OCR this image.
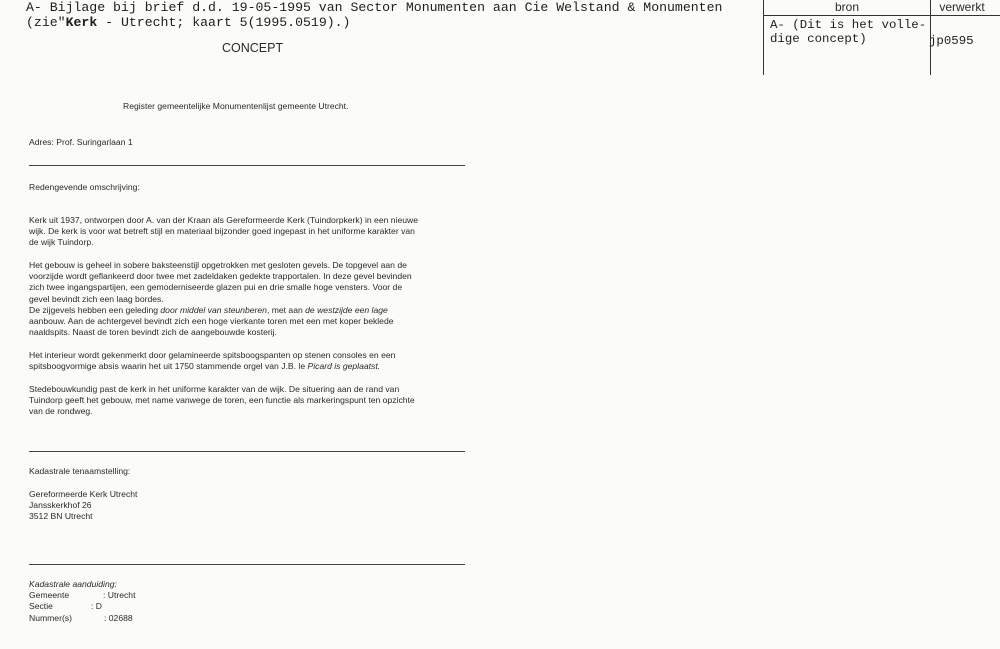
A- Bijlage bij brief d.d. 19-05-1995 van Sector Monumenten aan Cie Welstand & Monumenten
(zie"Kerk - Utrecht; kaart 5(1995.0519).)
CONCEPT
bron	verwerkt
A- (Dit is het volle-
dige concept)	jp0595
Register gemeentelijke Monumentenlijst gemeente Utrecht.
Adres: Prof. Suringarlaan 1
Redengevende omschrijving:
Kerk uit 1937, ontworpen door A. van der Kraan als Gereformeerde Kerk (Tuindorpkerk) in een nieuwe
wijk. De kerk is voor wat betreft stijl en materiaal bijzonder goed ingepast in het uniforme karakter van
de wijk Tuindorp.
Het gebouw is geheel in sobere baksteenstijl opgetrokken met gesloten gevels. De topgevel aan de
voorzijde wordt geflankeerd door twee met zadeldaken gedekte trapportalen. In deze gevel bevinden
zich twee ingangspartijen, een gemoderniseerde glazen pui en drie smalle hoge vensters. Voor de
gevel bevindt zich een laag bordes.
De zijgevels hebben een geleding door middel van steunberen, met aan de westzijde een lage
aanbouw. Aan de achtergevel bevindt zich een hoge vierkante toren met een met koper beklede
naaldspits. Naast de toren bevindt zich de aangebouwde kosterij.
Het interieur wordt gekenmerkt door gelamineerde spitsboogspanten op stenen consoles en een
spitsboogvormige absis waarin het uit 1750 stammende orgel van J.B. le Picard is geplaatst.
Stedebouwkundig past de kerk in het uniforme karakter van de wijk. De situering aan de rand van
Tuindorp geeft het gebouw, met name vanwege de toren, een functie als markeringspunt ten opzichte
van de rondweg.
Kadastrale tenaamstelling:
Gereformeerde Kerk Utrecht
Jansskerkhof 26
3512 BN Utrecht
Kadastrale aanduiding:
Gemeente	: Utrecht
Sectie	: D
Nummer(s)	: 02688
